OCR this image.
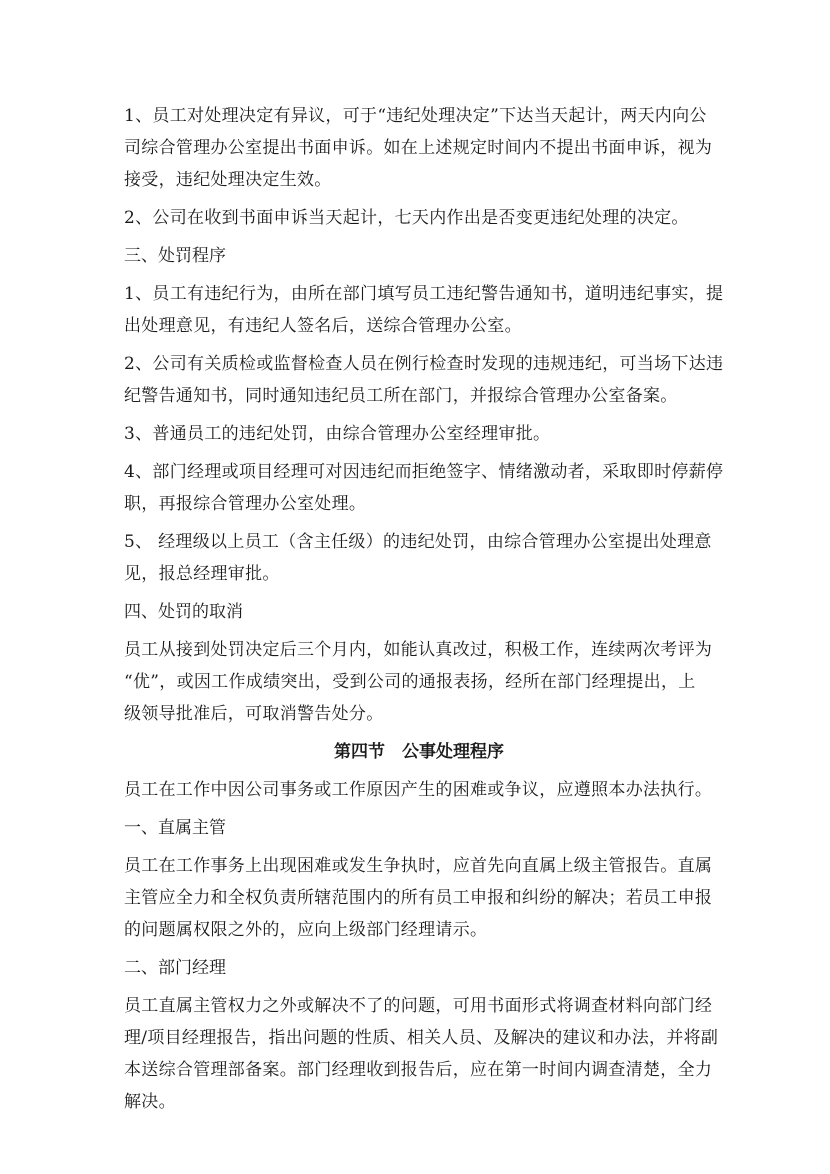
1、员工对处理决定有异议，可于“违纪处理决定”下达当天起计，两天内向公
司综合管理办公室提出书面申诉。如在上述规定时间内不提出书面申诉，视为
接受，违纪处理决定生效。
2、公司在收到书面申诉当天起计，七天内作出是否变更违纪处理的决定。
三、处罚程序
1、员工有违纪行为，由所在部门填写员工违纪警告通知书，道明违纪事实，提
出处理意见，有违纪人签名后，送综合管理办公室。
2、公司有关质检或监督检查人员在例行检查时发现的违规违纪，可当场下达违
纪警告通知书，同时通知违纪员工所在部门，并报综合管理办公室备案。
3、普通员工的违纪处罚，由综合管理办公室经理审批。
4、部门经理或项目经理可对因违纪而拒绝签字、情绪激动者，采取即时停薪停
职，再报综合管理办公室处理。
5、 经理级以上员工（含主任级）的违纪处罚，由综合管理办公室提出处理意
见，报总经理审批。
四、处罚的取消
员工从接到处罚决定后三个月内，如能认真改过，积极工作，连续两次考评为
“优”，或因工作成绩突出，受到公司的通报表扬，经所在部门经理提出，上
级领导批准后，可取消警告处分。
第四节　公事处理程序
员工在工作中因公司事务或工作原因产生的困难或争议，应遵照本办法执行。
一、直属主管
员工在工作事务上出现困难或发生争执时，应首先向直属上级主管报告。直属
主管应全力和全权负责所辖范围内的所有员工申报和纠纷的解决；若员工申报
的问题属权限之外的，应向上级部门经理请示。
二、部门经理
员工直属主管权力之外或解决不了的问题，可用书面形式将调查材料向部门经
理/项目经理报告，指出问题的性质、相关人员、及解决的建议和办法，并将副
本送综合管理部备案。部门经理收到报告后，应在第一时间内调查清楚，全力
解决。
